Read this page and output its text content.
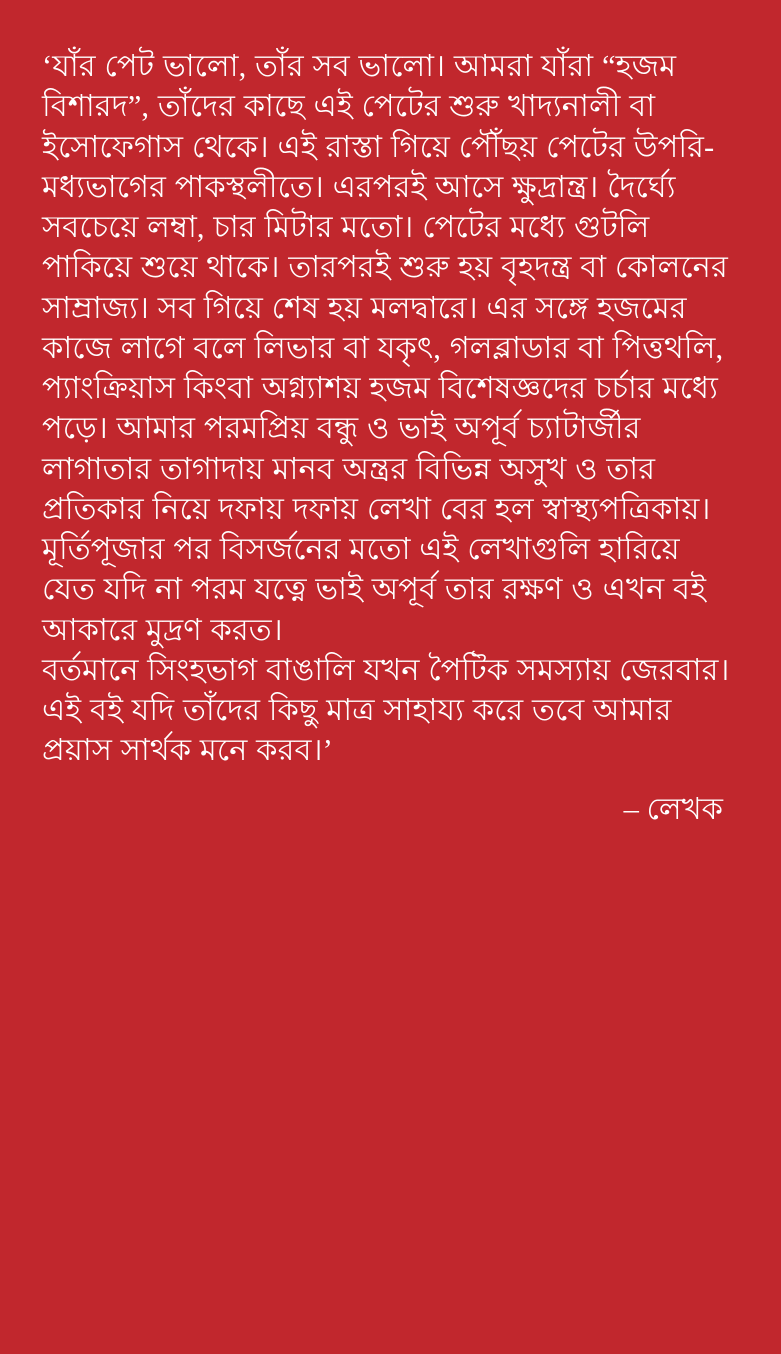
‘যাঁর পেট ভালো, তাঁর সব ভালো। আমরা যাঁরা “হজম বিশারদ”, তাঁদের কাছে এই পেটের শুরু খাদ্যনালী বা ইসোফেগাস থেকে। এই রাস্তা গিয়ে পৌঁছয় পেটের উপরি-মধ্যভাগের পাকস্থলীতে। এরপরই আসে ক্ষুদ্রান্ত্র। দৈর্ঘ্যে সবচেয়ে লম্বা, চার মিটার মতো। পেটের মধ্যে গুটলি পাকিয়ে শুয়ে থাকে। তারপরই শুরু হয় বৃহদন্ত্র বা কোলনের সাম্রাজ্য। সব গিয়ে শেষ হয় মলদ্বারে। এর সঙ্গে হজমের কাজে লাগে বলে লিভার বা যকৃৎ, গলব্লাডার বা পিত্তথলি, প্যাংক্রিয়াস কিংবা অগ্ন্যাশয় হজম বিশেষজ্ঞদের চর্চার মধ্যে পড়ে। আমার পরমপ্রিয় বন্ধু ও ভাই অপূর্ব চ্যাটার্জীর লাগাতার তাগাদায় মানব অন্ত্রর বিভিন্ন অসুখ ও তার প্রতিকার নিয়ে দফায় দফায় লেখা বের হল স্বাস্থ্যপত্রিকায়। মূর্তিপূজার পর বিসর্জনের মতো এই লেখাগুলি হারিয়ে যেত যদি না পরম যত্নে ভাই অপূর্ব তার রক্ষণ ও এখন বই আকারে মুদ্রণ করত।

বর্তমানে সিংহভাগ বাঙালি যখন পৈটিক সমস্যায় জেরবার। এই বই যদি তাঁদের কিছু মাত্র সাহায্য করে তবে আমার প্রয়াস সার্থক মনে করব।’

– লেখক
